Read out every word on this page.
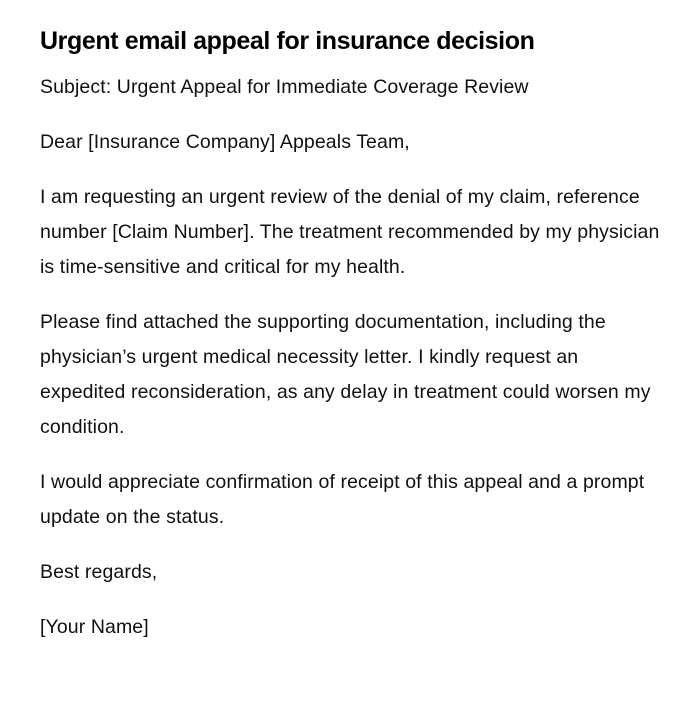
Urgent email appeal for insurance decision

Subject: Urgent Appeal for Immediate Coverage Review

Dear [Insurance Company] Appeals Team,

I am requesting an urgent review of the denial of my claim, reference number [Claim Number]. The treatment recommended by my physician is time-sensitive and critical for my health.

Please find attached the supporting documentation, including the physician’s urgent medical necessity letter. I kindly request an expedited reconsideration, as any delay in treatment could worsen my condition.

I would appreciate confirmation of receipt of this appeal and a prompt update on the status.

Best regards,

[Your Name]
